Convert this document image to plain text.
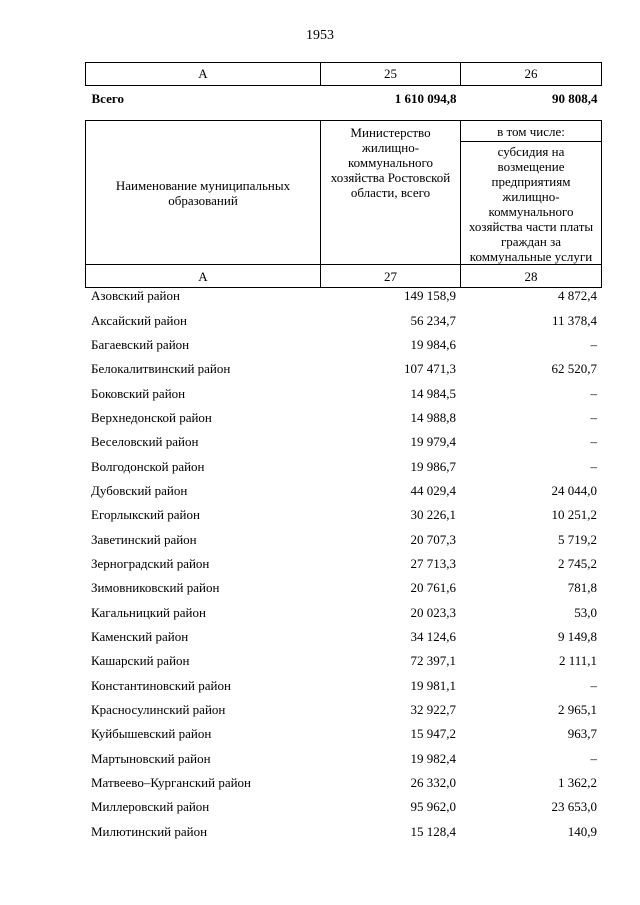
1953
А	25	26
Всего	1 610 094,8	90 808,4
Наименование муниципальных образований	Министерство жилищно-коммунального хозяйства Ростовской области, всего	в том числе:
		субсидия на возмещение предприятиям жилищно-коммунального хозяйства части платы граждан за коммунальные услуги
А	27	28
Азовский район	149 158,9	4 872,4
Аксайский район	56 234,7	11 378,4
Багаевский район	19 984,6	–
Белокалитвинский район	107 471,3	62 520,7
Боковский район	14 984,5	–
Верхнедонской район	14 988,8	–
Веселовский район	19 979,4	–
Волгодонской район	19 986,7	–
Дубовский район	44 029,4	24 044,0
Егорлыкский район	30 226,1	10 251,2
Заветинский район	20 707,3	5 719,2
Зерноградский район	27 713,3	2 745,2
Зимовниковский район	20 761,6	781,8
Кагальницкий район	20 023,3	53,0
Каменский район	34 124,6	9 149,8
Кашарский район	72 397,1	2 111,1
Константиновский район	19 981,1	–
Красносулинский район	32 922,7	2 965,1
Куйбышевский район	15 947,2	963,7
Мартыновский район	19 982,4	–
Матвеево–Курганский район	26 332,0	1 362,2
Миллеровский район	95 962,0	23 653,0
Милютинский район	15 128,4	140,9
